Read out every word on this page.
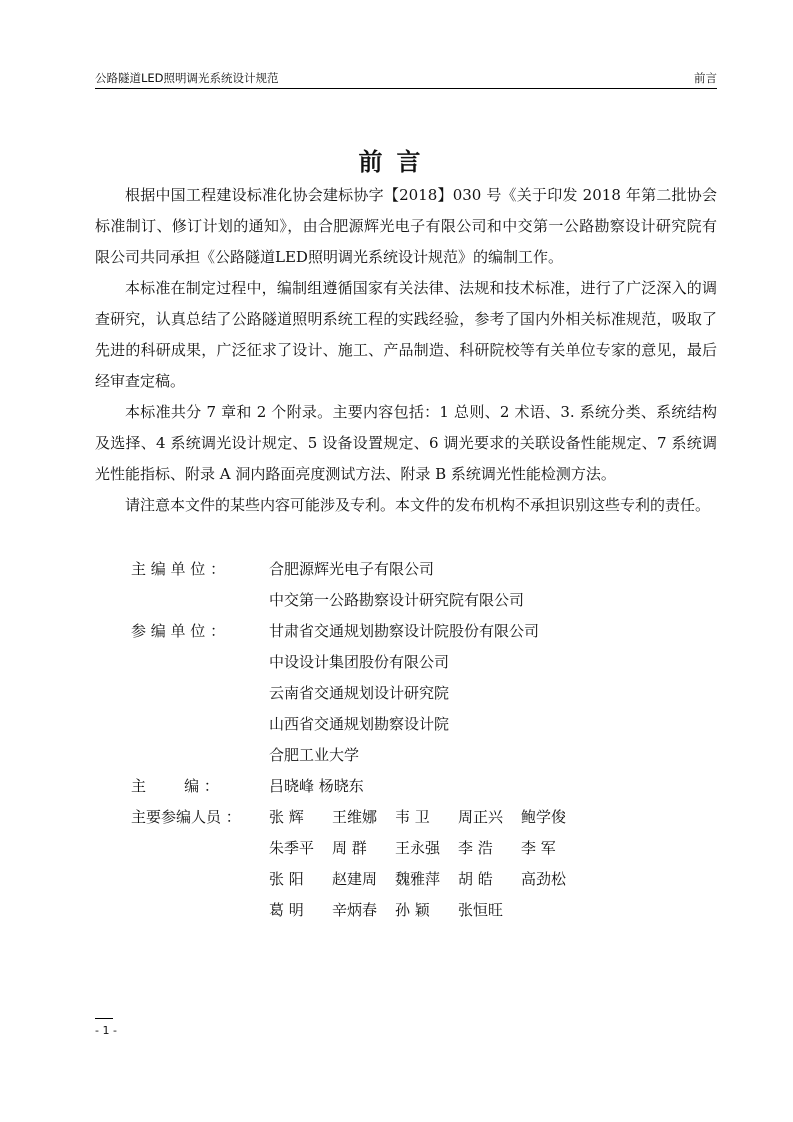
公路隧道LED照明调光系统设计规范	前言
前言

根据中国工程建设标准化协会建标协字【2018】030 号《关于印发 2018 年第二批协会标准制订、修订计划的通知》，由合肥源辉光电子有限公司和中交第一公路勘察设计研究院有限公司共同承担《公路隧道LED照明调光系统设计规范》的编制工作。

本标准在制定过程中，编制组遵循国家有关法律、法规和技术标准，进行了广泛深入的调查研究，认真总结了公路隧道照明系统工程的实践经验，参考了国内外相关标准规范，吸取了先进的科研成果，广泛征求了设计、施工、产品制造、科研院校等有关单位专家的意见，最后经审查定稿。

本标准共分 7 章和 2 个附录。主要内容包括：1 总则、2 术语、3. 系统分类、系统结构及选择、4 系统调光设计规定、5 设备设置规定、6 调光要求的关联设备性能规定、7 系统调光性能指标、附录 A 洞内路面亮度测试方法、附录 B 系统调光性能检测方法。

请注意本文件的某些内容可能涉及专利。本文件的发布机构不承担识别这些专利的责任。

主 编 单 位 ：	合肥源辉光电子有限公司
中交第一公路勘察设计研究院有限公司
参 编 单 位 ：	甘肃省交通规划勘察设计院股份有限公司
中设设计集团股份有限公司
云南省交通规划设计研究院
山西省交通规划勘察设计院
合肥工业大学
主        编 ：	吕晓峰 杨晓东
主要参编人员 ：	张 辉 王维娜 韦 卫 周正兴 鲍学俊
朱季平 周 群 王永强 李 浩 李 军
张 阳 赵建周 魏雅萍 胡 皓 高劲松
葛 明 辛炳春 孙 颖 张恒旺
- 1 -
